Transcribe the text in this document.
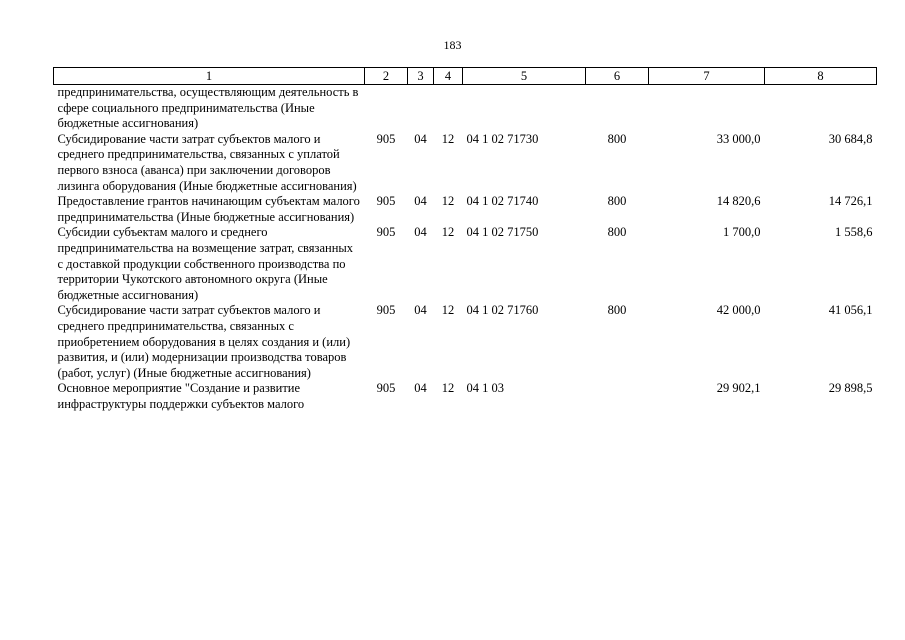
183
1	2	3	4	5	6	7	8
предпринимательства, осуществляющим деятельность в сфере социального предпринимательства (Иные бюджетные ассигнования)							
Субсидирование части затрат субъектов малого и среднего предпринимательства, связанных с уплатой первого взноса (аванса) при заключении договоров лизинга оборудования (Иные бюджетные ассигнования)	905	04	12	04 1 02 71730	800	33 000,0	30 684,8
Предоставление грантов начинающим субъектам малого предпринимательства (Иные бюджетные ассигнования)	905	04	12	04 1 02 71740	800	14 820,6	14 726,1
Субсидии субъектам малого и среднего предпринимательства на возмещение затрат, связанных с доставкой продукции собственного производства по территории Чукотского автономного округа (Иные бюджетные ассигнования)	905	04	12	04 1 02 71750	800	1 700,0	1 558,6
Субсидирование части затрат субъектов малого и среднего предпринимательства, связанных с приобретением оборудования в целях создания и (или) развития, и (или) модернизации производства товаров (работ, услуг) (Иные бюджетные ассигнования)	905	04	12	04 1 02 71760	800	42 000,0	41 056,1
Основное мероприятие "Создание и развитие инфраструктуры поддержки субъектов малого	905	04	12	04 1 03		29 902,1	29 898,5
